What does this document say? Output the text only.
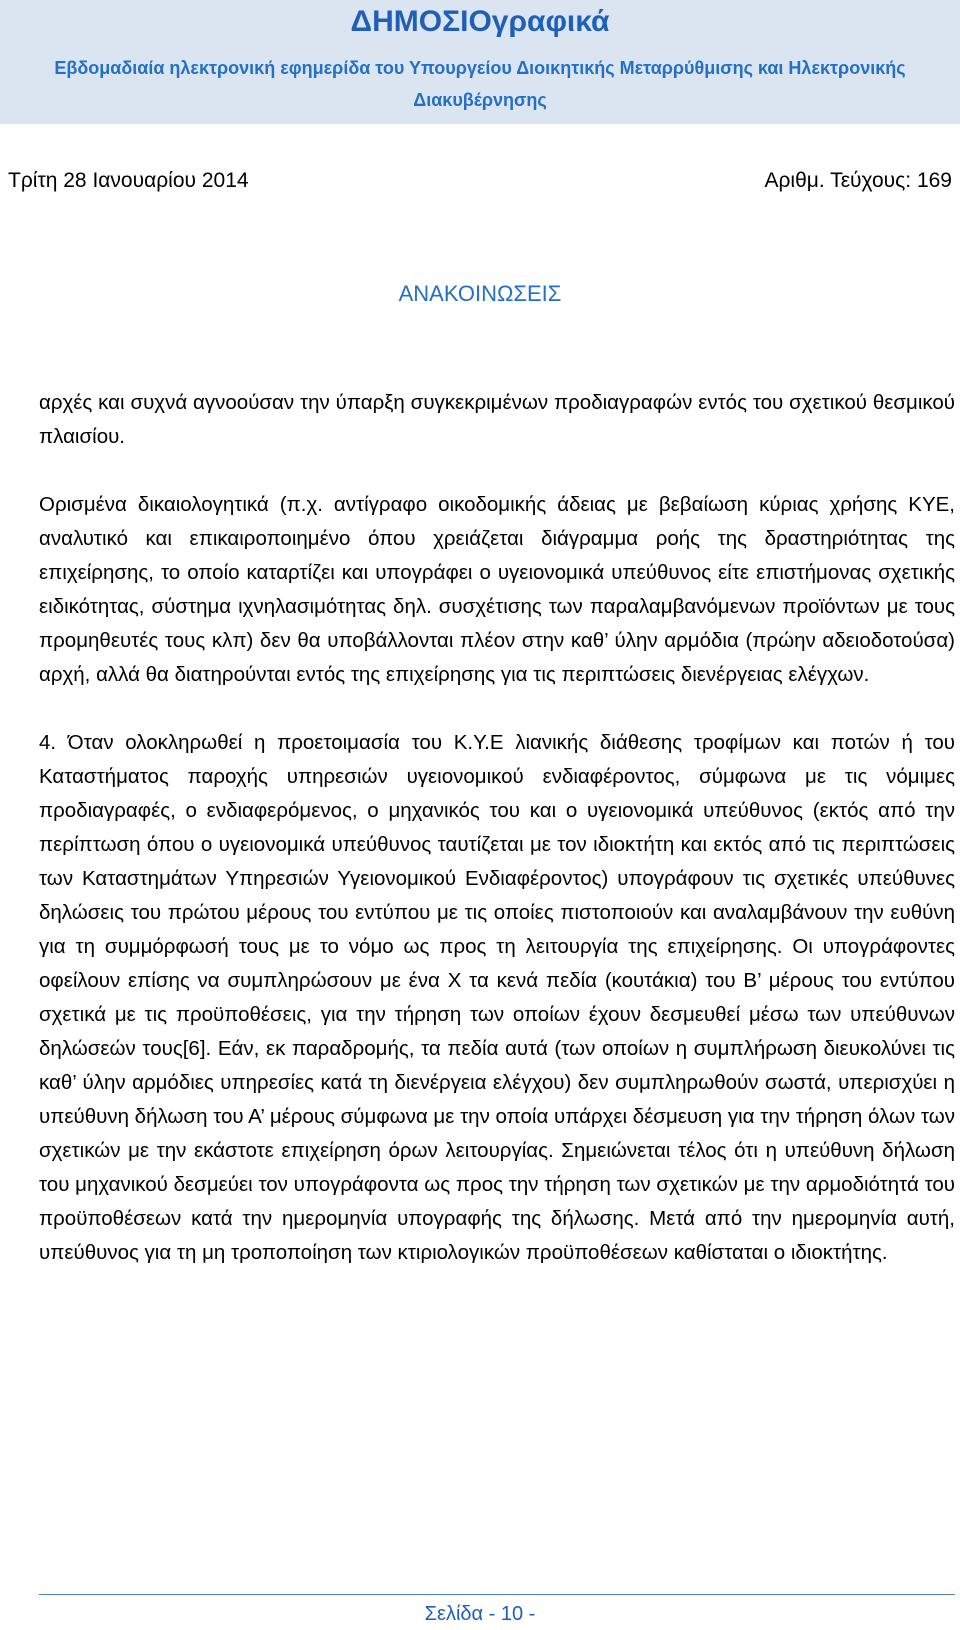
ΔΗΜΟΣΙΟγραφικά
Εβδομαδιαία ηλεκτρονική εφημερίδα του Υπουργείου Διοικητικής Μεταρρύθμισης και Ηλεκτρονικής Διακυβέρνησης
Τρίτη 28 Ιανουαρίου 2014	Αριθμ. Τεύχους: 169
ΑΝΑΚΟΙΝΩΣΕΙΣ

αρχές και συχνά αγνοούσαν την ύπαρξη συγκεκριμένων προδιαγραφών εντός του σχετικού θεσμικού πλαισίου.

Ορισμένα δικαιολογητικά (π.χ. αντίγραφο οικοδομικής άδειας με βεβαίωση κύριας χρήσης ΚΥΕ, αναλυτικό και επικαιροποιημένο όπου χρειάζεται διάγραμμα ροής της δραστηριότητας της επιχείρησης, το οποίο καταρτίζει και υπογράφει ο υγειονομικά υπεύθυνος είτε επιστήμονας σχετικής ειδικότητας, σύστημα ιχνηλασιμότητας δηλ. συσχέτισης των παραλαμβανόμενων προϊόντων με τους προμηθευτές τους κλπ) δεν θα υποβάλλονται πλέον στην καθ’ ύλην αρμόδια (πρώην αδειοδοτούσα) αρχή, αλλά θα διατηρούνται εντός της επιχείρησης για τις περιπτώσεις διενέργειας ελέγχων.

4. Όταν ολοκληρωθεί η προετοιμασία του Κ.Υ.Ε λιανικής διάθεσης τροφίμων και ποτών ή του Καταστήματος παροχής υπηρεσιών υγειονομικού ενδιαφέροντος, σύμφωνα με τις νόμιμες προδιαγραφές, ο ενδιαφερόμενος, ο μηχανικός του και ο υγειονομικά υπεύθυνος (εκτός από την περίπτωση όπου ο υγειονομικά υπεύθυνος ταυτίζεται με τον ιδιοκτήτη και εκτός από τις περιπτώσεις των Καταστημάτων Υπηρεσιών Υγειονομικού Ενδιαφέροντος) υπογράφουν τις σχετικές υπεύθυνες δηλώσεις του πρώτου μέρους του εντύπου με τις οποίες πιστοποιούν και αναλαμβάνουν την ευθύνη για τη συμμόρφωσή τους με το νόμο ως προς τη λειτουργία της επιχείρησης. Οι υπογράφοντες οφείλουν επίσης να συμπληρώσουν με ένα Χ τα κενά πεδία (κουτάκια) του Β’ μέρους του εντύπου σχετικά με τις προϋποθέσεις, για την τήρηση των οποίων έχουν δεσμευθεί μέσω των υπεύθυνων δηλώσεών τους[6]. Εάν, εκ παραδρομής, τα πεδία αυτά (των οποίων η συμπλήρωση διευκολύνει τις καθ’ ύλην αρμόδιες υπηρεσίες κατά τη διενέργεια ελέγχου) δεν συμπληρωθούν σωστά, υπερισχύει η υπεύθυνη δήλωση του Α’ μέρους σύμφωνα με την οποία υπάρχει δέσμευση για την τήρηση όλων των σχετικών με την εκάστοτε επιχείρηση όρων λειτουργίας. Σημειώνεται τέλος ότι η υπεύθυνη δήλωση του μηχανικού δεσμεύει τον υπογράφοντα ως προς την τήρηση των σχετικών με την αρμοδιότητά του προϋποθέσεων κατά την ημερομηνία υπογραφής της δήλωσης. Μετά από την ημερομηνία αυτή, υπεύθυνος για τη μη τροποποίηση των κτιριολογικών προϋποθέσεων καθίσταται ο ιδιοκτήτης.

Σελίδα - 10 -
